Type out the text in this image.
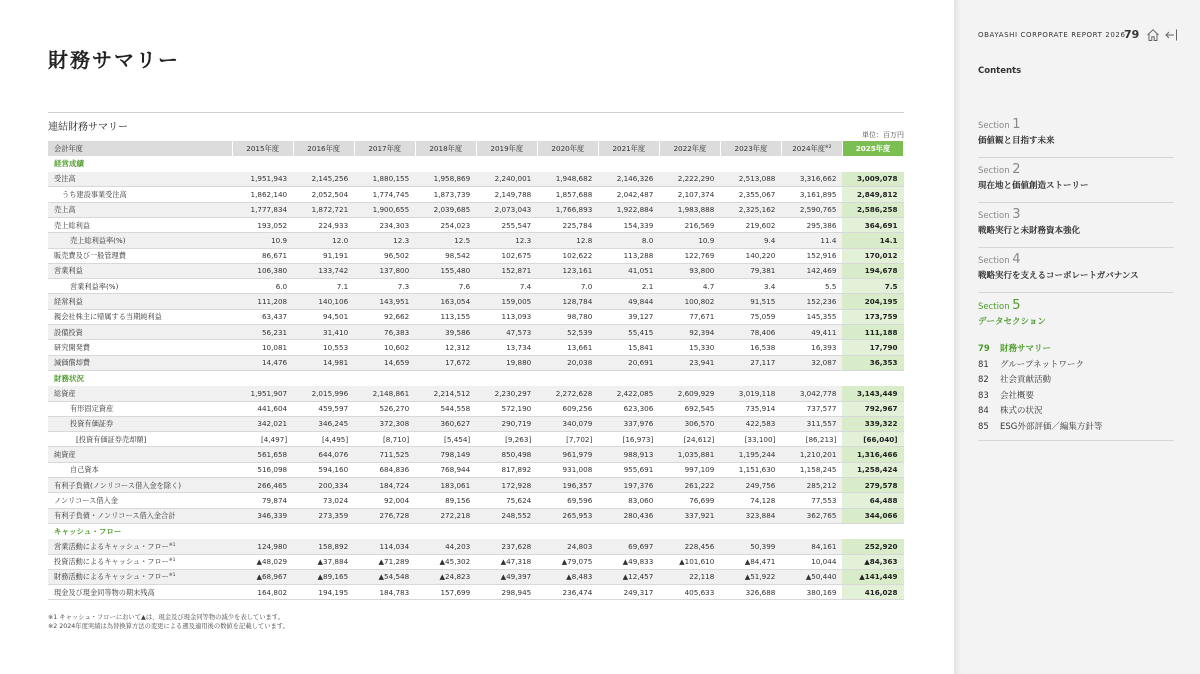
財務サマリー
連結財務サマリー
単位：百万円
会計年度	2015年度	2016年度	2017年度	2018年度	2019年度	2020年度	2021年度	2022年度	2023年度	2024年度$^{※2}$	2025年度
経営成績											
受注高	1,951,943	2,145,256	1,880,155	1,958,869	2,240,001	1,948,682	2,146,326	2,222,290	2,513,088	3,316,662	3,009,078
うち建設事業受注高	1,862,140	2,052,504	1,774,745	1,873,739	2,149,788	1,857,688	2,042,487	2,107,374	2,355,067	3,161,895	2,849,812
売上高	1,777,834	1,872,721	1,900,655	2,039,685	2,073,043	1,766,893	1,922,884	1,983,888	2,325,162	2,590,765	2,586,258
売上総利益	193,052	224,933	234,303	254,023	255,547	225,784	154,339	216,569	219,602	295,386	364,691
売上総利益率(%)	10.9	12.0	12.3	12.5	12.3	12.8	8.0	10.9	9.4	11.4	14.1
販売費及び一般管理費	86,671	91,191	96,502	98,542	102,675	102,622	113,288	122,769	140,220	152,916	170,012
営業利益	106,380	133,742	137,800	155,480	152,871	123,161	41,051	93,800	79,381	142,469	194,678
営業利益率(%)	6.0	7.1	7.3	7.6	7.4	7.0	2.1	4.7	3.4	5.5	7.5
経常利益	111,208	140,106	143,951	163,054	159,005	128,784	49,844	100,802	91,515	152,236	204,195
親会社株主に帰属する当期純利益	63,437	94,501	92,662	113,155	113,093	98,780	39,127	77,671	75,059	145,355	173,759
設備投資	56,231	31,410	76,383	39,586	47,573	52,539	55,415	92,394	78,406	49,411	111,188
研究開発費	10,081	10,553	10,602	12,312	13,734	13,661	15,841	15,330	16,538	16,393	17,790
減価償却費	14,476	14,981	14,659	17,672	19,880	20,038	20,691	23,941	27,117	32,087	36,353
財務状況											
総資産	1,951,907	2,015,996	2,148,861	2,214,512	2,230,297	2,272,628	2,422,085	2,609,929	3,019,118	3,042,778	3,143,449
有形固定資産	441,604	459,597	526,270	544,558	572,190	609,256	623,306	692,545	735,914	737,577	792,967
投資有価証券	342,021	346,245	372,308	360,627	290,719	340,079	337,976	306,570	422,583	311,557	339,322
[投資有価証券売却額]	[4,497]	[4,495]	[8,710]	[5,454]	[9,263]	[7,702]	[16,973]	[24,612]	[33,100]	[86,213]	[66,040]
純資産	561,658	644,076	711,525	798,149	850,498	961,979	988,913	1,035,881	1,195,244	1,210,201	1,316,466
自己資本	516,098	594,160	684,836	768,944	817,892	931,008	955,691	997,109	1,151,630	1,158,245	1,258,424
有利子負債(ノンリコース借入金を除く)	266,465	200,334	184,724	183,061	172,928	196,357	197,376	261,222	249,756	285,212	279,578
ノンリコース借入金	79,874	73,024	92,004	89,156	75,624	69,596	83,060	76,699	74,128	77,553	64,488
有利子負債・ノンリコース借入金合計	346,339	273,359	276,728	272,218	248,552	265,953	280,436	337,921	323,884	362,765	344,066
キャッシュ・フロー											
営業活動によるキャッシュ・フロー$^{※1}$	124,980	158,892	114,034	44,203	237,628	24,803	69,697	228,456	50,399	84,161	252,920
投資活動によるキャッシュ・フロー$^{※1}$	▲48,029	▲37,884	▲71,289	▲45,302	▲47,318	▲79,075	▲49,833	▲101,610	▲84,471	10,044	▲84,363
財務活動によるキャッシュ・フロー$^{※1}$	▲68,967	▲89,165	▲54,548	▲24,823	▲49,397	▲8,483	▲12,457	22,118	▲51,922	▲50,440	▲141,449
現金及び現金同等物の期末残高	164,802	194,195	184,783	157,699	298,945	236,474	249,317	405,633	326,688	380,169	416,028
※1 キャッシュ・フローにおいて▲は、現金及び現金同等物の減少を表しています。
※2 2024年度実績は為替換算方法の変更による遡及適用後の数値を記載しています。
OBAYASHI CORPORATE REPORT 2026
79
Contents
Section 1
価値観と目指す未来
Section 2
現在地と価値創造ストーリー
Section 3
戦略実行と未財務資本強化
Section 4
戦略実行を支えるコーポレートガバナンス
Section 5
データセクション
79 財務サマリー
81 グループネットワーク
82 社会貢献活動
83 会社概要
84 株式の状況
85 ESG外部評価／編集方針等
